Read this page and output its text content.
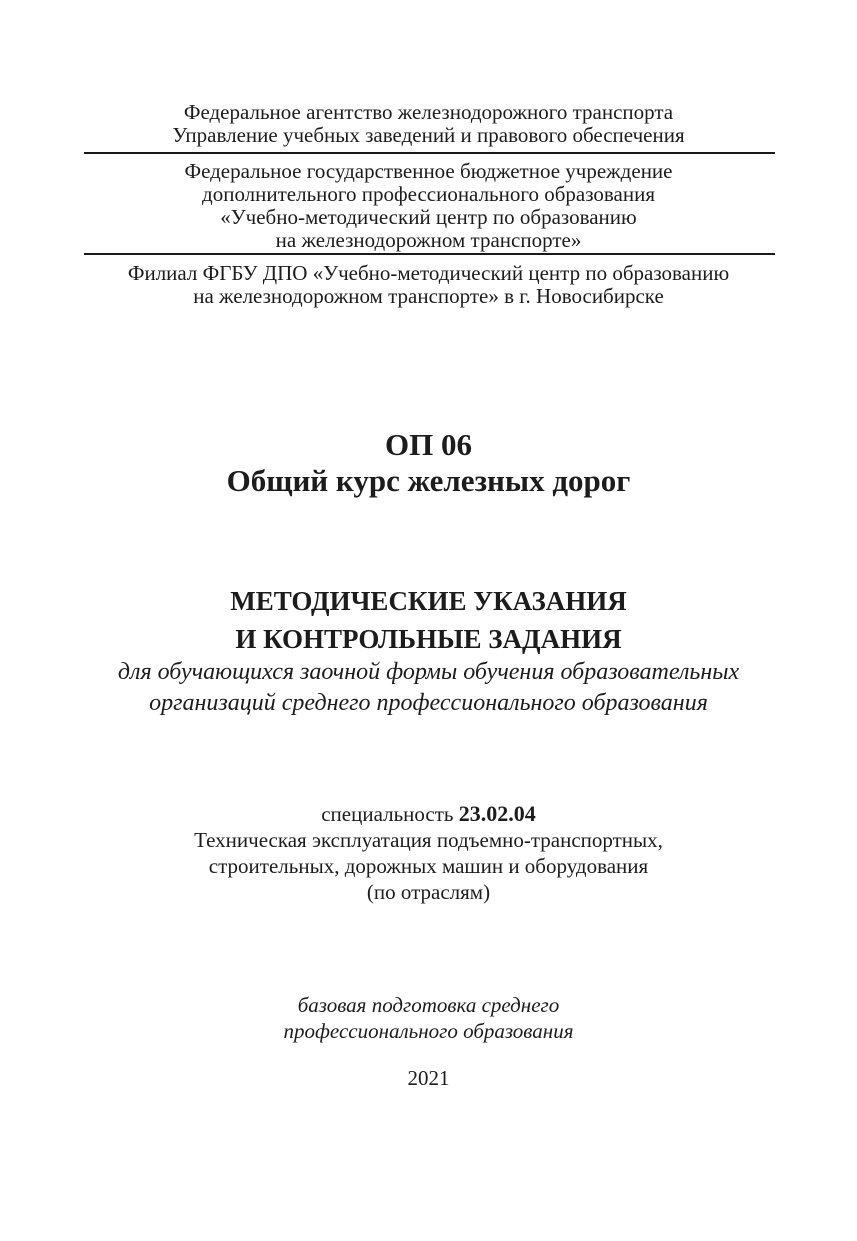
Федеральное агентство железнодорожного транспорта
Управление учебных заведений и правового обеспечения
Федеральное государственное бюджетное учреждение
дополнительного профессионального образования
«Учебно-методический центр по образованию
на железнодорожном транспорте»
Филиал ФГБУ ДПО «Учебно-методический центр по образованию
на железнодорожном транспорте» в г. Новосибирске
ОП 06
Общий курс железных дорог
МЕТОДИЧЕСКИЕ УКАЗАНИЯ
И КОНТРОЛЬНЫЕ ЗАДАНИЯ
для обучающихся заочной формы обучения образовательных
организаций среднего профессионального образования
специальность 23.02.04
Техническая эксплуатация подъемно-транспортных,
строительных, дорожных машин и оборудования
(по отраслям)
базовая подготовка среднего
профессионального образования
2021
